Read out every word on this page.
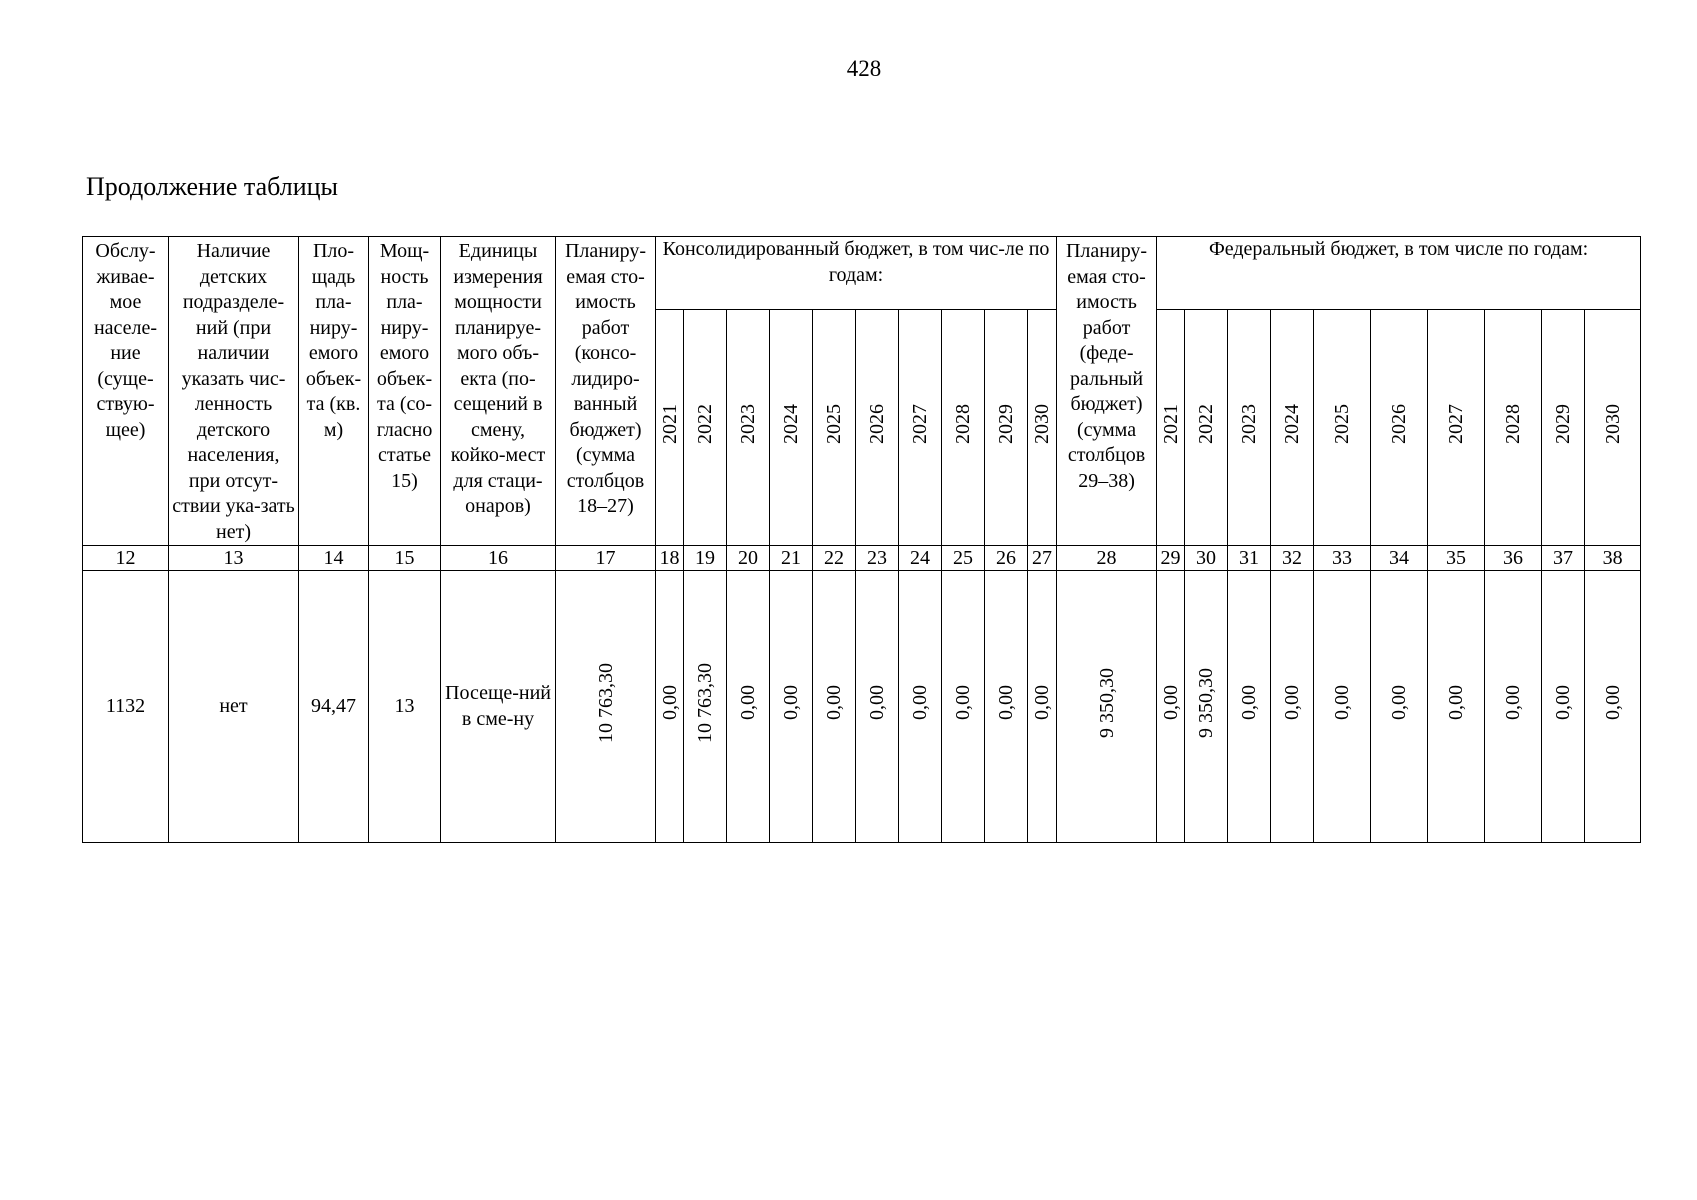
428
Продолжение таблицы
Обслу-живае-мое населе-ние (суще-ствую-щее)	Наличие детских подразделе-ний (при наличии указать чис-ленность детского населения, при отсут-ствии ука-зать нет)	Пло-щадь пла-ниру-емого объек-та (кв. м)	Мощ-ность пла-ниру-емого объек-та (со-гласно статье 15)	Единицы измерения мощности планируе-мого объ-екта (по-сещений в смену, койко-мест для стаци-онаров)	Планиру-емая сто-имость работ (консо-лидиро-ванный бюджет) (сумма столбцов 18–27)	Консолидированный бюджет, в том чис-ле по годам:										Планиру-емая сто-имость работ (феде-ральный бюджет) (сумма столбцов 29–38)	Федеральный бюджет, в том числе по годам:									
						2021	2022	2023	2024	2025	2026	2027	2028	2029	2030		2021	2022	2023	2024	2025	2026	2027	2028	2029	2030
12	13	14	15	16	17	18	19	20	21	22	23	24	25	26	27	28	29	30	31	32	33	34	35	36	37	38
1132	нет	94,47	13	Посеще-ний в сме-ну	10 763,30	0,00	10 763,30	0,00	0,00	0,00	0,00	0,00	0,00	0,00	0,00	9 350,30	0,00	9 350,30	0,00	0,00	0,00	0,00	0,00	0,00	0,00	0,00
